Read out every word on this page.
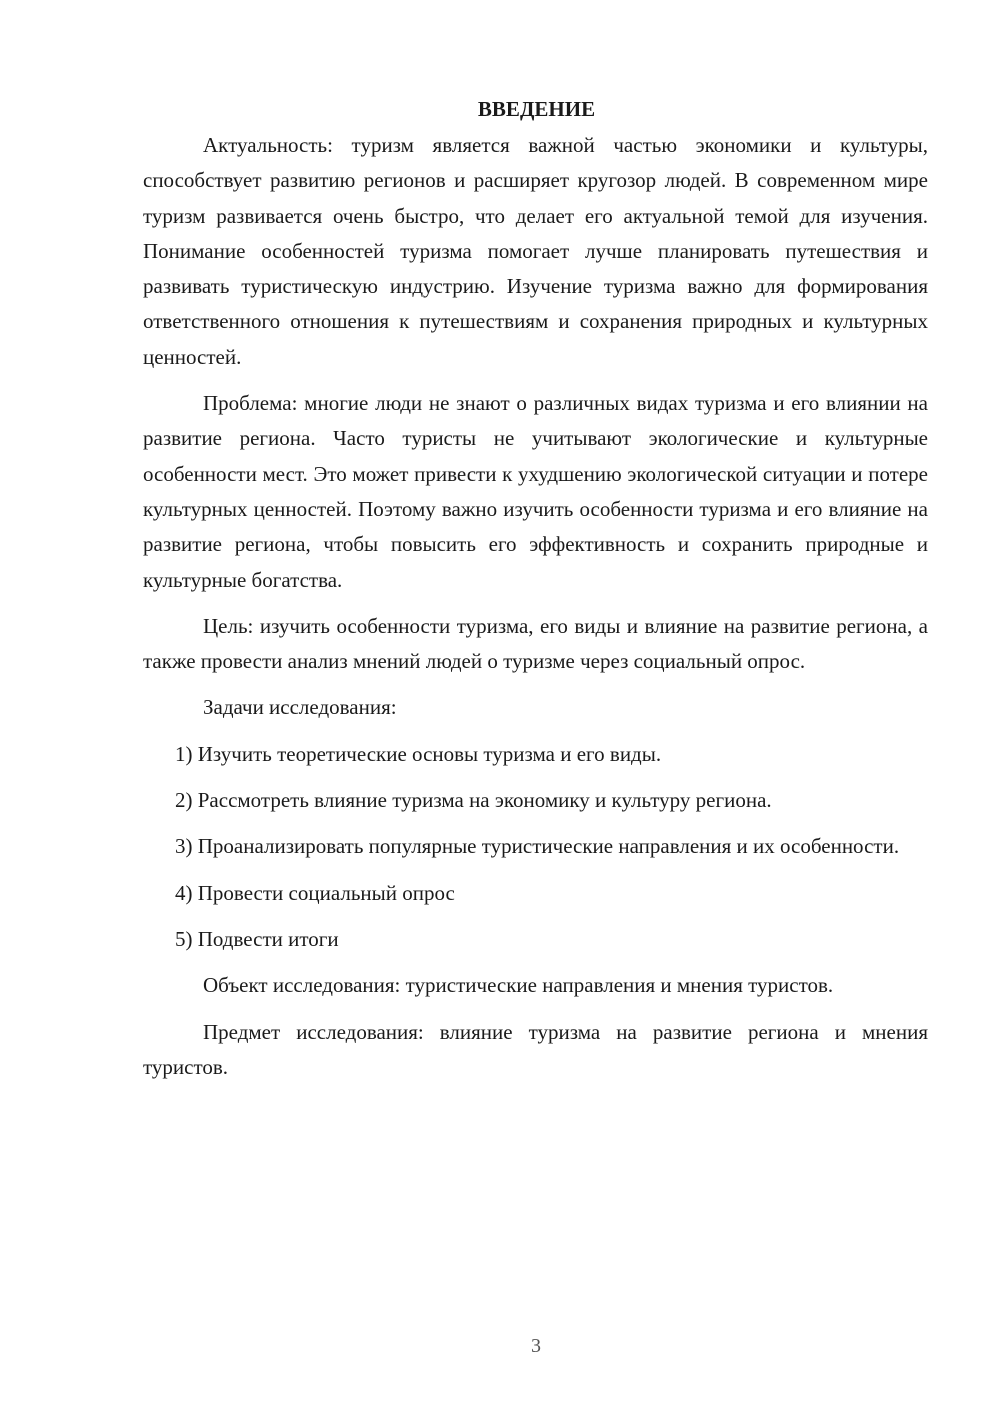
ВВЕДЕНИЕ

Актуальность: туризм является важной частью экономики и культуры, способствует развитию регионов и расширяет кругозор людей. В современном мире туризм развивается очень быстро, что делает его актуальной темой для изучения. Понимание особенностей туризма помогает лучше планировать путешествия и развивать туристическую индустрию. Изучение туризма важно для формирования ответственного отношения к путешествиям и сохранения природных и культурных ценностей.

Проблема: многие люди не знают о различных видах туризма и его влиянии на развитие региона. Часто туристы не учитывают экологические и культурные особенности мест. Это может привести к ухудшению экологической ситуации и потере культурных ценностей. Поэтому важно изучить особенности туризма и его влияние на развитие региона, чтобы повысить его эффективность и сохранить природные и культурные богатства.

Цель: изучить особенности туризма, его виды и влияние на развитие региона, а также провести анализ мнений людей о туризме через социальный опрос.

Задачи исследования:

1) Изучить теоретические основы туризма и его виды.

2) Рассмотреть влияние туризма на экономику и культуру региона.

3) Проанализировать популярные туристические направления и их особенности.

4) Провести социальный опрос

5) Подвести итоги

Объект исследования: туристические направления и мнения туристов.

Предмет исследования: влияние туризма на развитие региона и мнения туристов.

3
